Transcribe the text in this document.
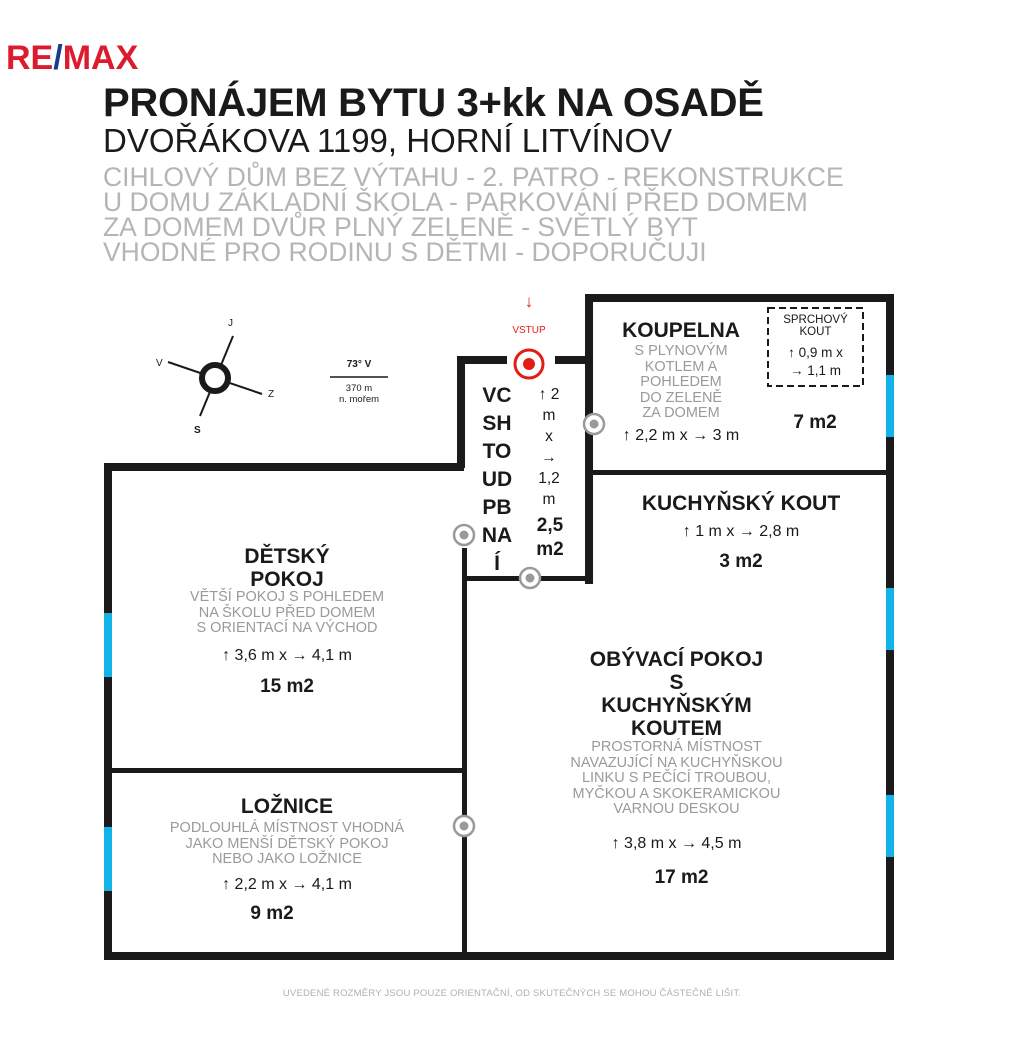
RE/MAX
PRONÁJEM BYTU 3+kk NA OSADĚ
DVOŘÁKOVA 1199, HORNÍ LITVÍNOV
CIHLOVÝ DŮM BEZ VÝTAHU - 2. PATRO - REKONSTRUKCE
U DOMU ZÁKLADNÍ ŠKOLA - PARKOVÁNÍ PŘED DOMEM
ZA DOMEM DVŮR PLNÝ ZELENĚ - SVĚTLÝ BYT
VHODNÉ PRO RODINU S DĚTMI - DOPORUČUJI
J
V
Z
S
73° V
370 m
n. mořem
↓
VSTUP	KOUPELNA
S PLYNOVÝM
KOTLEM A
POHLEDEM
DO ZELENĚ
ZA DOMEM
↑ 2,2 m x → 3 m
7 m2
SPRCHOVÝ
KOUT
↑ 0,9 m x
→ 1,1 m
VC
SH
TO
UD
PB
NA
Í
↑ 2
m
x
→
1,2
m
2,5
m2
KUCHYŇSKÝ KOUT
↑ 1 m x → 2,8 m
3 m2
DĚTSKÝ
POKOJ
VĚTŠÍ POKOJ S POHLEDEM
NA ŠKOLU PŘED DOMEM
S ORIENTACÍ NA VÝCHOD
↑ 3,6 m x → 4,1 m
15 m2
OBÝVACÍ POKOJ
S
KUCHYŇSKÝM
KOUTEM
PROSTORNÁ MÍSTNOST
NAVAZUJÍCÍ NA KUCHYŇSKOU
LINKU S PEČÍCÍ TROUBOU,
MYČKOU A SKOKERAMICKOU
VARNOU DESKOU
↑ 3,8 m x → 4,5 m
17 m2
LOŽNICE
PODLOUHLÁ MÍSTNOST VHODNÁ
JAKO MENŠÍ DĚTSKÝ POKOJ
NEBO JAKO LOŽNICE
↑ 2,2 m x → 4,1 m
9 m2
UVEDENÉ ROZMĚRY JSOU POUZE ORIENTAČNÍ, OD SKUTEČNÝCH SE MOHOU ČÁSTEČNĚ LIŠIT.
